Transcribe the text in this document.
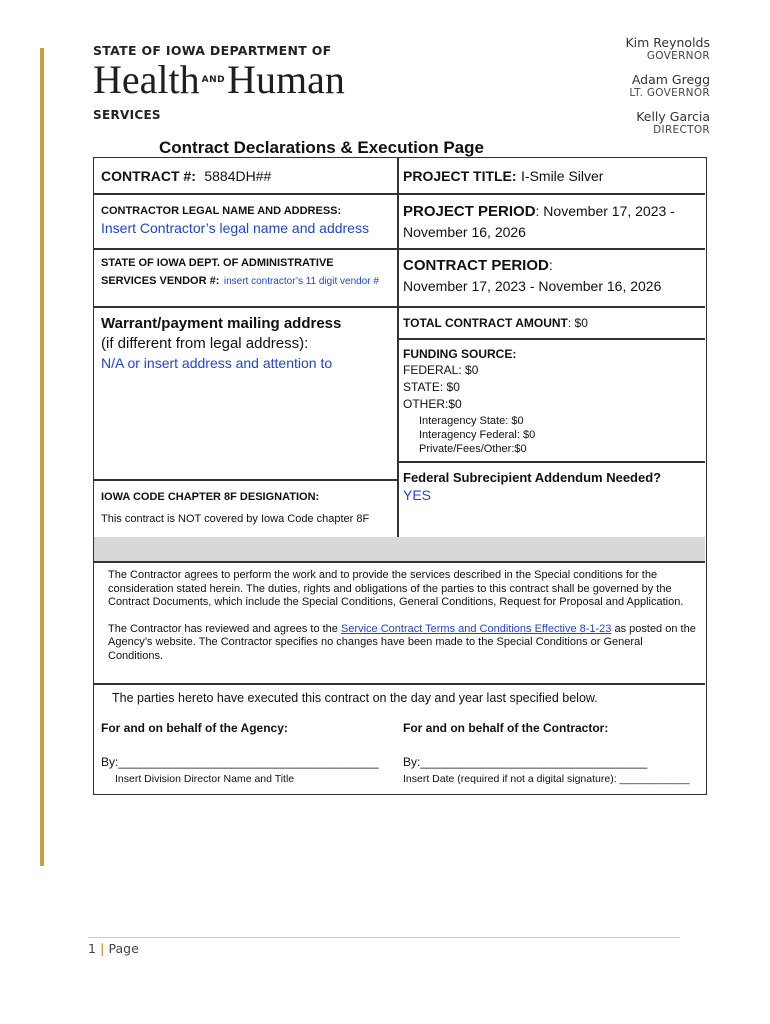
STATE OF IOWA DEPARTMENT OF
Health ANDHuman
SERVICES
Kim Reynolds
GOVERNOR
Adam Gregg
LT. GOVERNOR
Kelly Garcia
DIRECTOR
Contract Declarations & Execution Page
CONTRACT #: 5884DH##	PROJECT TITLE: I-Smile Silver
CONTRACTOR LEGAL NAME AND ADDRESS:
Insert Contractor’s legal name and address
PROJECT PERIOD: November 17, 2023 -
November 16, 2026
STATE OF IOWA DEPT. OF ADMINISTRATIVE
SERVICES VENDOR #: insert contractor’s 11 digit vendor #
CONTRACT PERIOD:
November 17, 2023 - November 16, 2026
Warrant/payment mailing address
(if different from legal address):
N/A or insert address and attention to
TOTAL CONTRACT AMOUNT: $0
FUNDING SOURCE:
FEDERAL: $0
STATE: $0
OTHER:$0
Interagency State: $0
Interagency Federal: $0
Private/Fees/Other:$0
IOWA CODE CHAPTER 8F DESIGNATION:
This contract is NOT covered by Iowa Code chapter 8F
Federal Subrecipient Addendum Needed?
YES

The Contractor agrees to perform the work and to provide the services described in the Special conditions for the consideration stated herein. The duties, rights and obligations of the parties to this contract shall be governed by the Contract Documents, which include the Special Conditions, General Conditions, Request for Proposal and Application.

The Contractor has reviewed and agrees to the Service Contract Terms and Conditions Effective 8-1-23 as posted on the Agency’s website. The Contractor specifies no changes have been made to the Special Conditions or General Conditions.

The parties hereto have executed this contract on the day and year last specified below.
For and on behalf of the Agency:	For and on behalf of the Contractor:
By:_______________________________________ By:__________________________________
Insert Division Director Name and Title	Insert Date (required if not a digital signature): ____________
1 | Page
